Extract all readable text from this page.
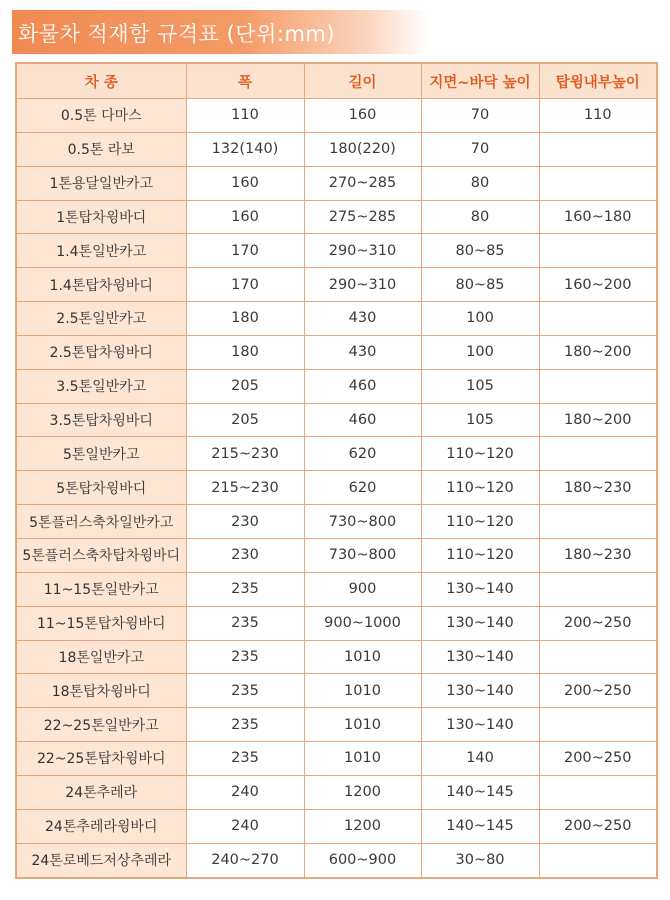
화물차 적재함 규격표 (단위:mm)
차 종	폭	길이	지면~바닥 높이	탑윙내부높이
0.5톤 다마스	110	160	70	110
0.5톤 라보	132(140)	180(220)	70	
1톤용달일반카고	160	270~285	80	
1톤탑차윙바디	160	275~285	80	160~180
1.4톤일반카고	170	290~310	80~85	
1.4톤탑차윙바디	170	290~310	80~85	160~200
2.5톤일반카고	180	430	100	
2.5톤탑차윙바디	180	430	100	180~200
3.5톤일반카고	205	460	105	
3.5톤탑차윙바디	205	460	105	180~200
5톤일반카고	215~230	620	110~120	
5톤탑차윙바디	215~230	620	110~120	180~230
5톤플러스축차일반카고	230	730~800	110~120	
5톤플러스축차탑차윙바디	230	730~800	110~120	180~230
11~15톤일반카고	235	900	130~140	
11~15톤탑차윙바디	235	900~1000	130~140	200~250
18톤일반카고	235	1010	130~140	
18톤탑차윙바디	235	1010	130~140	200~250
22~25톤일반카고	235	1010	130~140	
22~25톤탑차윙바디	235	1010	140	200~250
24톤추레라	240	1200	140~145	
24톤추레라윙바디	240	1200	140~145	200~250
24톤로베드저상추레라	240~270	600~900	30~80	
